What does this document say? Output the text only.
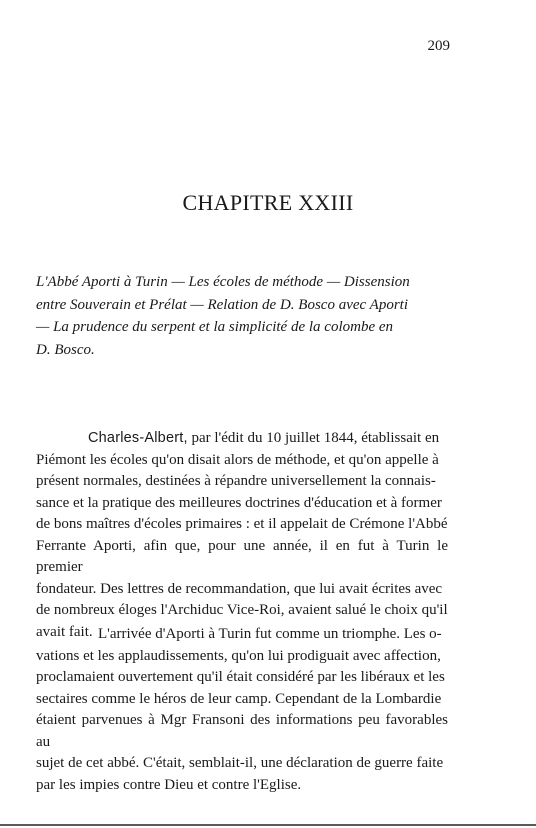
209
CHAPITRE XXIII

L'Abbé Aporti à Turin — Les écoles de méthode — Dissension
entre Souverain et Prélat — Relation de D. Bosco avec Aporti
— La prudence du serpent et la simplicité de la colombe en
D. Bosco.

Charles-Albert, par l'édit du 10 juillet 1844, établissait en
Piémont les écoles qu'on disait alors de méthode, et qu'on appelle à
présent normales, destinées à répandre universellement la connais-
sance et la pratique des meilleures doctrines d'éducation et à former
de bons maîtres d'écoles primaires : et il appelait de Crémone l'Abbé
Ferrante Aporti, afin que, pour une année, il en fut à Turin le premier
fondateur. Des lettres de recommandation, que lui avait écrites avec
de nombreux éloges l'Archiduc Vice-Roi, avaient salué le choix qu'il
avait fait. L'arrivée d'Aporti à Turin fut comme un triomphe. Les o-
vations et les applaudissements, qu'on lui prodiguait avec affection,
proclamaient ouvertement qu'il était considéré par les libéraux et les
sectaires comme le héros de leur camp. Cependant de la Lombardie
étaient parvenues à Mgr Fransoni des informations peu favorables au
sujet de cet abbé. C'était, semblait-il, une déclaration de guerre faite
par les impies contre Dieu et contre l'Eglise.
